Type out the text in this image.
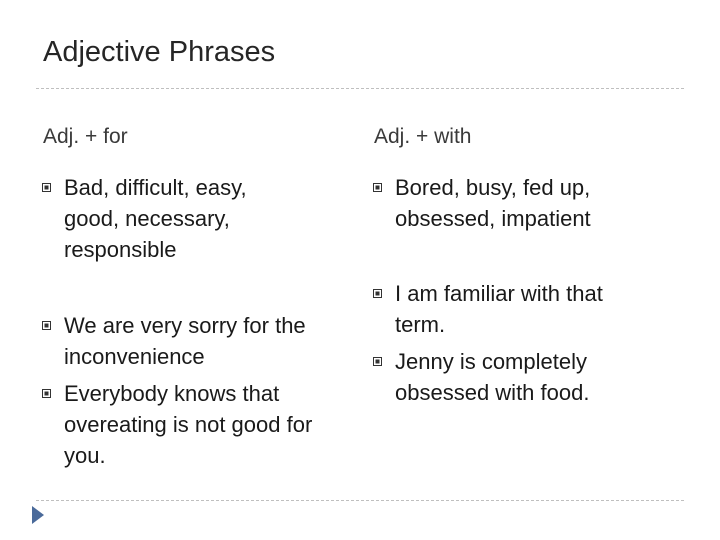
Adjective Phrases
Adj. + for
Bad, difficult, easy, good, necessary, responsible
We are very sorry for the inconvenience
Everybody knows that overeating is not good for you.
Adj. + with
Bored, busy, fed up, obsessed, impatient
I am familiar with that term.
Jenny is completely obsessed with food.
